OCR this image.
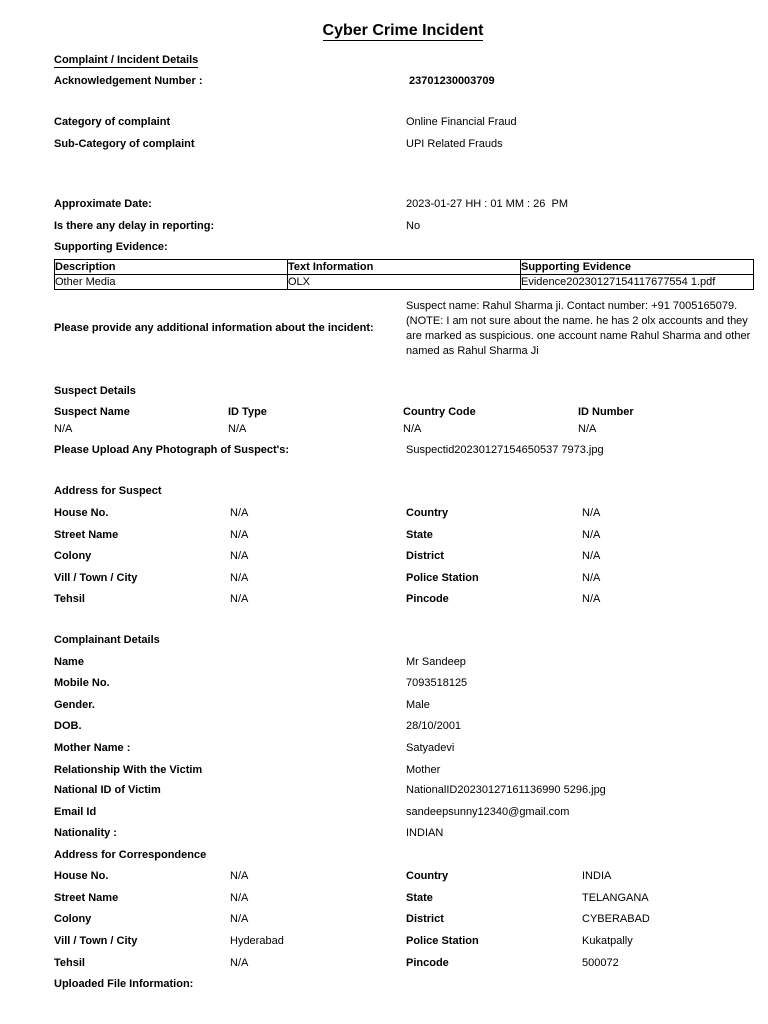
Cyber Crime Incident
Complaint / Incident Details
Acknowledgement Number :	23701230003709
Category of complaint	Online Financial Fraud
Sub-Category of complaint	UPI Related Frauds
Approximate Date:	2023-01-27 HH : 01 MM : 26  PM
Is there any delay in reporting:	No
Supporting Evidence:
Description	Text Information	Supporting Evidence
Other Media	OLX	Evidence20230127154117677554 1.pdf
Please provide any additional information about the incident:
Suspect name: Rahul Sharma ji. Contact number: +91 7005165079. (NOTE: I am not sure about the name. he has 2 olx accounts and they are marked as suspicious. one account name Rahul Sharma and other named as Rahul Sharma Ji
Suspect Details
Suspect Name	ID Type	Country Code	ID Number
N/A	N/A	N/A	N/A
Please Upload Any Photograph of Suspect's:	Suspectid20230127154650537 7973.jpg
Address for Suspect
House No.	N/A	Country	N/A
Street Name	N/A	State	N/A
Colony	N/A	District	N/A
Vill / Town / City	N/A	Police Station	N/A
Tehsil	N/A	Pincode	N/A
Complainant Details
Name	Mr Sandeep
Mobile No.	7093518125
Gender.	Male
DOB.	28/10/2001
Mother Name :	Satyadevi
Relationship With the Victim	Mother
National ID of Victim	NationalID20230127161136990 5296.jpg
Email Id	sandeepsunny12340@gmail.com
Nationality :	INDIAN
Address for Correspondence
House No.	N/A	Country	INDIA
Street Name	N/A	State	TELANGANA
Colony	N/A	District	CYBERABAD
Vill / Town / City	Hyderabad	Police Station	Kukatpally
Tehsil	N/A	Pincode	500072
Uploaded File Information:
